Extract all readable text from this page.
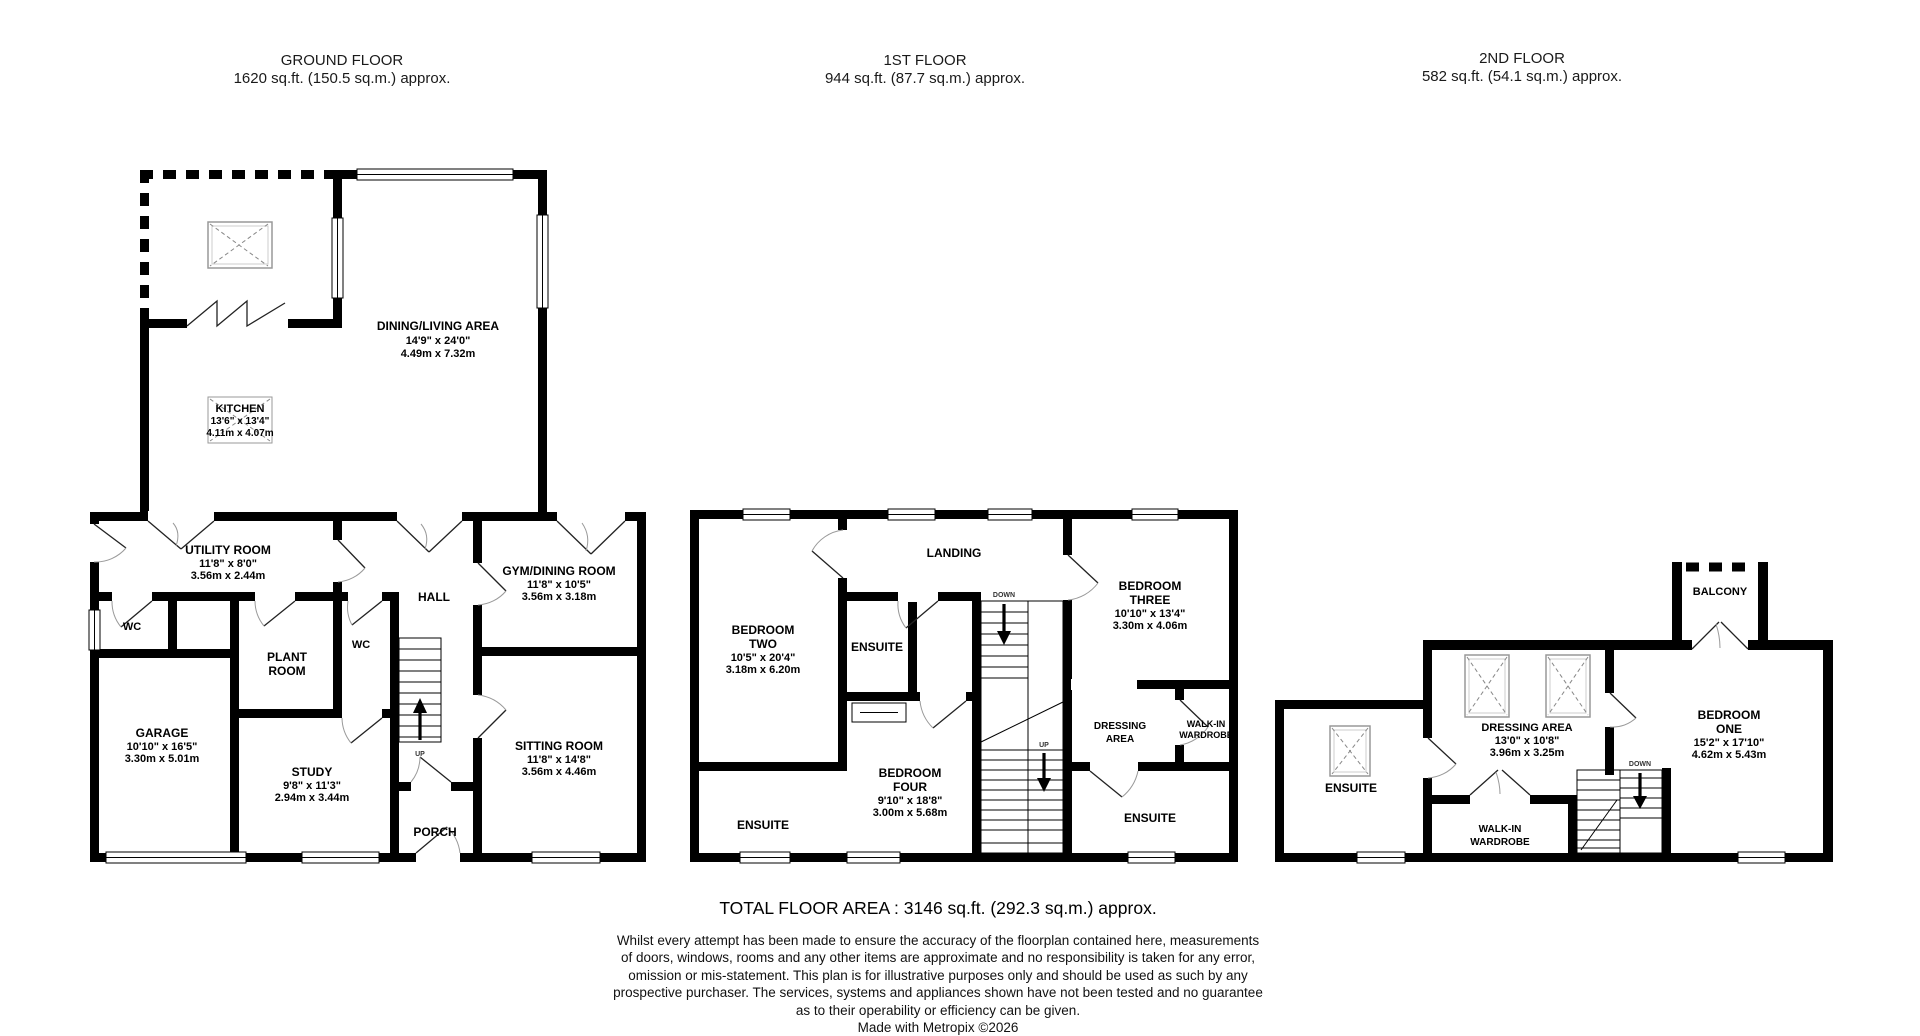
GROUND FLOOR
1620 sq.ft. (150.5 sq.m.) approx.
1ST FLOOR
944 sq.ft. (87.7 sq.m.) approx.
2ND FLOOR
582 sq.ft. (54.1 sq.m.) approx.
UP
DINING/LIVING AREA
14'9" x 24'0"
4.49m x 7.32m
KITCHEN
13'6" x 13'4"
4.11m x 4.07m
UTILITY ROOM
11'8" x 8'0"
3.56m x 2.44m
WC
GARAGE
10'10" x 16'5"
3.30m x 5.01m
PLANT
ROOM
WC
HALL
GYM/DINING ROOM
11'8" x 10'5"
3.56m x 3.18m
SITTING ROOM
11'8" x 14'8"
3.56m x 4.46m
STUDY
9'8" x 11'3"
2.94m x 3.44m
PORCH
DOWN
UP
LANDING
BEDROOM
TWO
10'5" x 20'4"
3.18m x 6.20m
ENSUITE
BEDROOM
THREE
10'10" x 13'4"
3.30m x 4.06m
DRESSING
AREA
WALK-IN
WARDROBE
BEDROOM
FOUR
9'10" x 18'8"
3.00m x 5.68m
ENSUITE	ENSUITE
DOWN
BALCONY
ENSUITE
DRESSING AREA
13'0" x 10'8"
3.96m x 3.25m
BEDROOM
ONE
15'2" x 17'10"
4.62m x 5.43m
WALK-IN
WARDROBE
TOTAL FLOOR AREA : 3146 sq.ft. (292.3 sq.m.) approx.
Whilst every attempt has been made to ensure the accuracy of the floorplan contained here, measurements
of doors, windows, rooms and any other items are approximate and no responsibility is taken for any error,
omission or mis-statement. This plan is for illustrative purposes only and should be used as such by any
prospective purchaser. The services, systems and appliances shown have not been tested and no guarantee
as to their operability or efficiency can be given.
Made with Metropix ©2026
